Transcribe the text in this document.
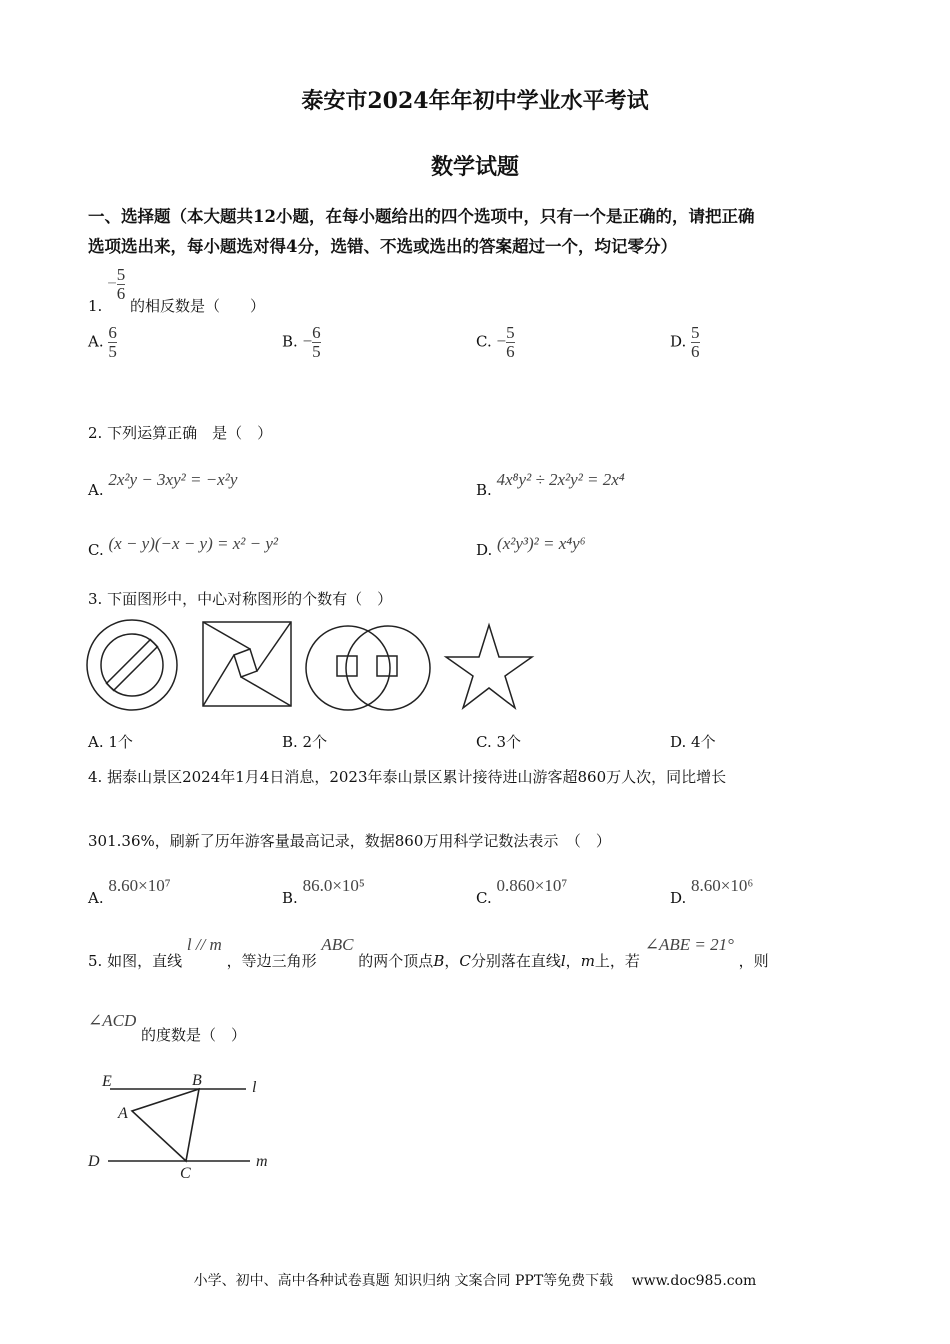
泰安市2024年年初中学业水平考试
数学试题
一、选择题（本大题共12小题，在每小题给出的四个选项中，只有一个是正确的，请把正确
选项选出来，每小题选对得4分，选错、不选或选出的答案超过一个，均记零分）
1. − $\frac{5}{6}$
的相反数是（　　）
A. $\frac{6}{5}$	B. − $\frac{6}{5}$	C. − $\frac{5}{6}$	D. $\frac{5}{6}$
2. 下列运算正确　是（　）
A. 2x²y − 3xy² = −x²y
B. 4x⁸y² ÷ 2x²y² = 2x⁴
C. (x − y)(−x − y) = x² − y²	D. (x²y³)² = x⁴y⁶
3. 下面图形中，中心对称图形的个数有（　）
A. 1个	B. 2个	C. 3个	D. 4个
4. 据泰山景区2024年1月4日消息，2023年泰山景区累计接待进山游客超860万人次，同比增长
301.36%，刷新了历年游客量最高记录，数据860万用科学记数法表示　（　）
A. 8.60×10⁷
B. 86.0×10⁵
C. 0.860×10⁷
D. 8.60×10⁶
5. 如图，直线 l // m ，等边三角形 ABC 的两个顶点B，C分别落在直线l，m上，若 ∠ABE = 21° ，则
∠ACD 的度数是（　）
E	B	l
A
D
C
m
小学、初中、高中各种试卷真题 知识归纳 文案合同 PPT等免费下载　 www.doc985.com
